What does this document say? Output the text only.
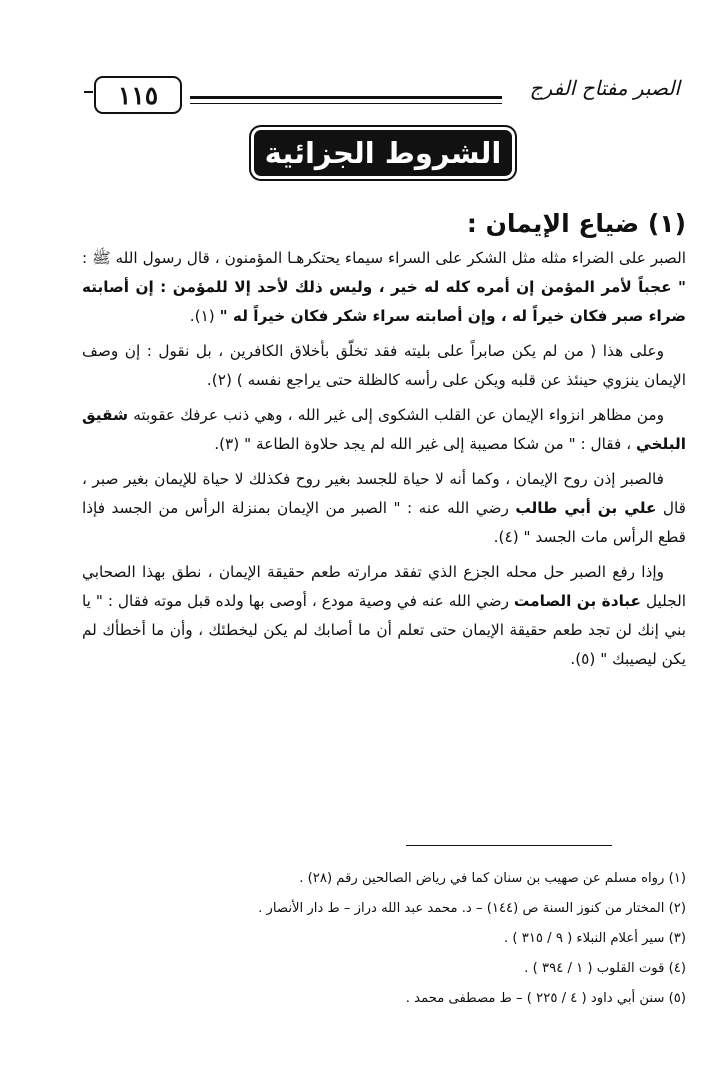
الصبر مفتاح الفرج
١١٥
الشروط الجزائية
(١) ضياع الإيمان :

الصبر على الضراء مثله مثل الشكر على السراء سيماء يحتكرهـا المؤمنون ، قال رسول الله ﷺ : " عجباً لأمر المؤمن إن أمره كله له خير ، وليس ذلك لأحد إلا للمؤمن : إن أصابته ضراء صبر فكان خيراً له ، وإن أصابته سراء شكر فكان خيراً له " (١).

وعلى هذا ( من لم يكن صابراً على بليته فقد تخلّق بأخلاق الكافرين ، بل نقول : إن وصف الإيمان ينزوي حينئذ عن قلبه ويكن على رأسه كالظلة حتى يراجع نفسه ) (٢).

ومن مظاهر انزواء الإيمان عن القلب الشكوى إلى غير الله ، وهي ذنب عرفك عقوبته شقيق البلخي ، فقال : " من شكا مصيبة إلى غير الله لم يجد حلاوة الطاعة " (٣).

فالصبر إذن روح الإيمان ، وكما أنه لا حياة للجسد بغير روح فكذلك لا حياة للإيمان بغير صبر ، قال علي بن أبي طالب رضي الله عنه : " الصبر من الإيمان بمنزلة الرأس من الجسد فإذا قطع الرأس مات الجسد " (٤).

وإذا رفع الصبر حل محله الجزع الذي تفقد مرارته طعم حقيقة الإيمان ، نطق بهذا الصحابي الجليل عبادة بن الصامت رضي الله عنه في وصية مودع ، أوصى بها ولده قبل موته فقال : " يا بني إنك لن تجد طعم حقيقة الإيمان حتى تعلم أن ما أصابك لم يكن ليخطئك ، وأن ما أخطأك لم يكن ليصيبك " (٥).

(١) رواه مسلم عن صهيب بن سنان كما في رياض الصالحين رقم (٢٨) .

(٢) المختار من كنوز السنة ص (١٤٤) – د. محمد عبد الله دراز – ط دار الأنصار .

(٣) سير أعلام النبلاء ( ٩ / ٣١٥ ) .

(٤) قوت القلوب ( ١ / ٣٩٤ ) .

(٥) سنن أبي داود ( ٤ / ٢٢٥ ) – ط مصطفى محمد .
